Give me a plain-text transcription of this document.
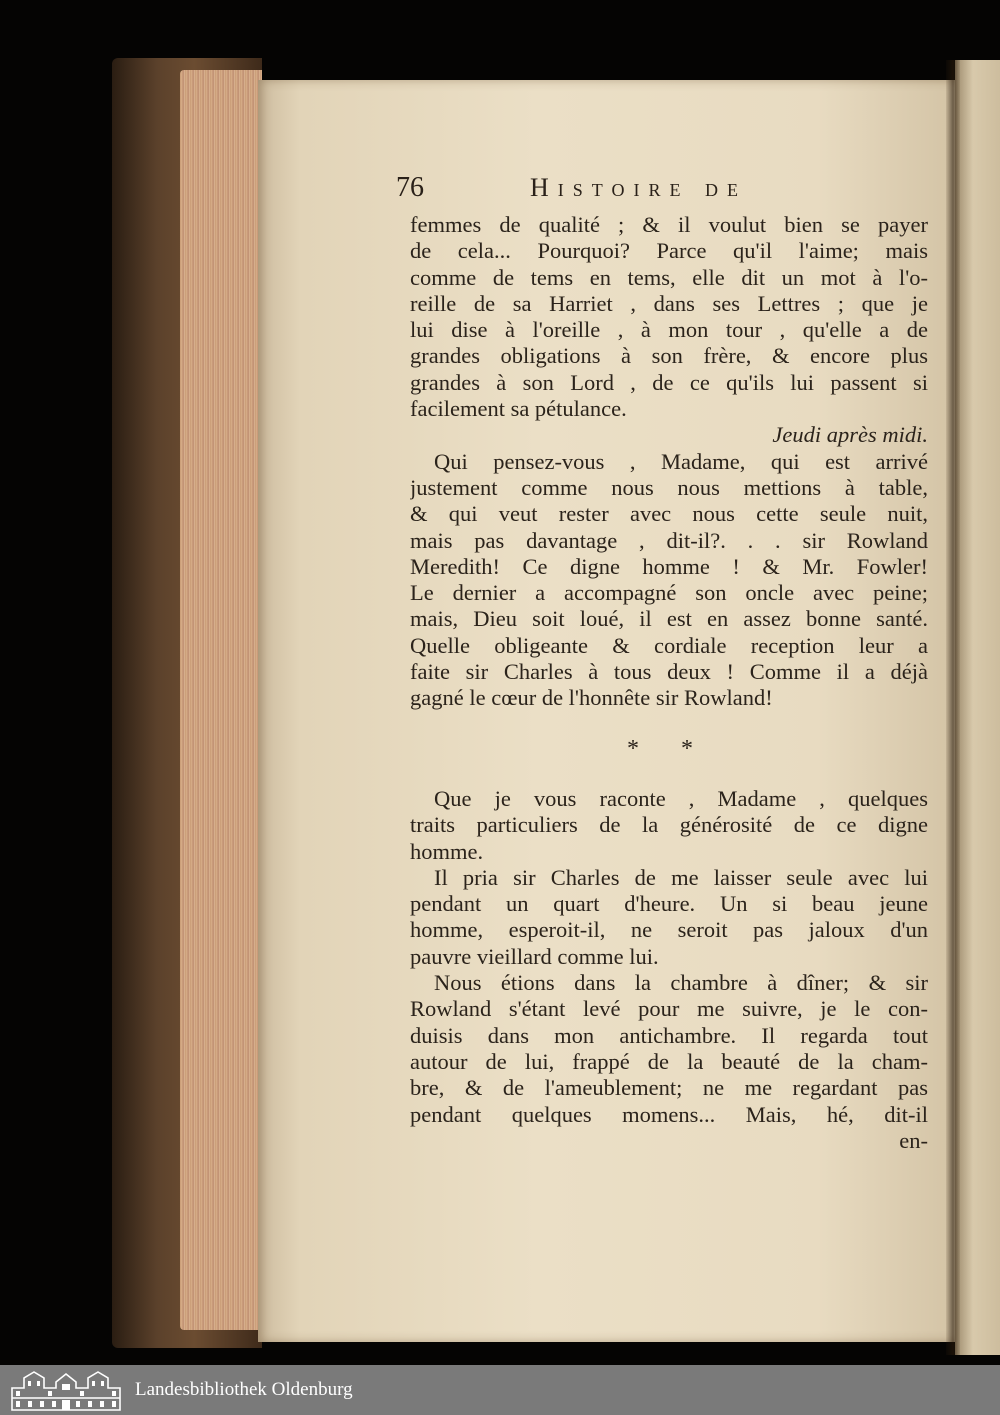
76	Histoire de
femmes de qualité ; & il voulut bien se payer
de cela... Pourquoi? Parce qu'il l'aime; mais
comme de tems en tems, elle dit un mot à l'o-
reille de sa Harriet , dans ses Lettres ; que je
lui dise à l'oreille , à mon tour , qu'elle a de
grandes obligations à son frère, & encore plus
grandes à son Lord , de ce qu'ils lui passent si
facilement sa pétulance.
Jeudi après midi.
Qui pensez-vous , Madame, qui est arrivé
justement comme nous nous mettions à table,
& qui veut rester avec nous cette seule nuit,
mais pas davantage , dit-il?. . . sir Rowland
Meredith! Ce digne homme ! & Mr. Fowler!
Le dernier a accompagné son oncle avec peine;
mais, Dieu soit loué, il est en assez bonne santé.
Quelle obligeante & cordiale reception leur a
faite sir Charles à tous deux ! Comme il a déjà
gagné le cœur de l'honnête sir Rowland!
* *
Que je vous raconte , Madame , quelques
traits particuliers de la générosité de ce digne
homme.
Il pria sir Charles de me laisser seule avec lui
pendant un quart d'heure. Un si beau jeune
homme, esperoit-il, ne seroit pas jaloux d'un
pauvre vieillard comme lui.
Nous étions dans la chambre à dîner; & sir
Rowland s'étant levé pour me suivre, je le con-
duisis dans mon antichambre. Il regarda tout
autour de lui, frappé de la beauté de la cham-
bre, & de l'ameublement; ne me regardant pas
pendant quelques momens... Mais, hé, dit-il
en-
Landesbibliothek Oldenburg
